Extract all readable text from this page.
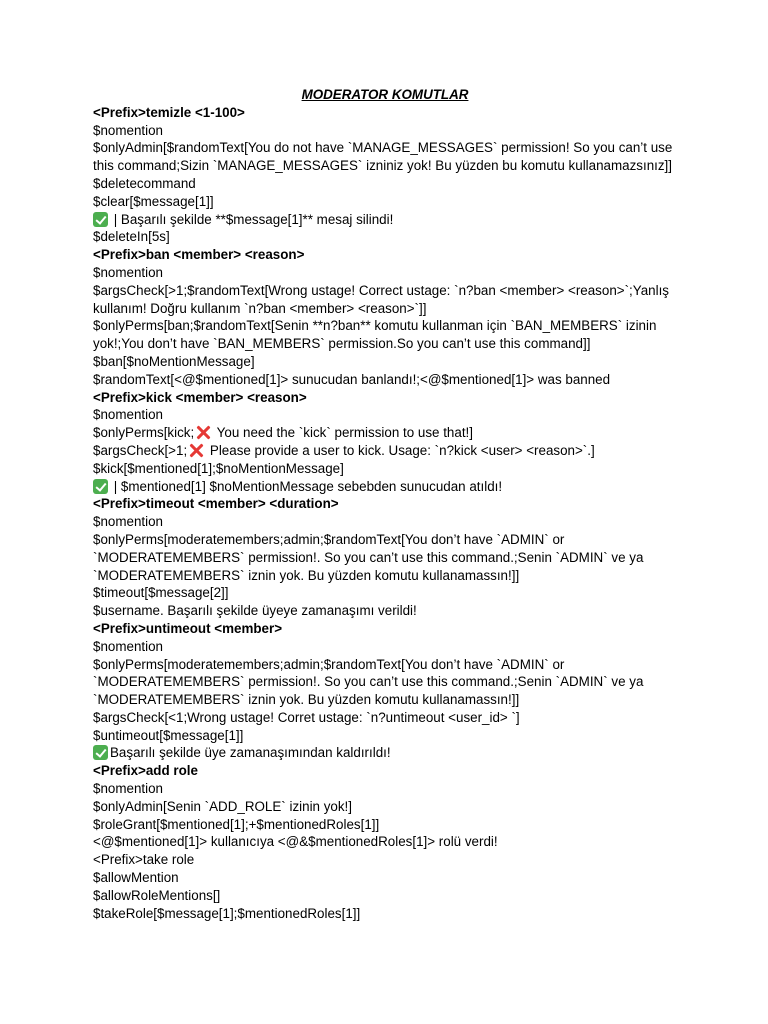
MODERATOR KOMUTLAR
<Prefix>temizle <1-100>
$nomention
$onlyAdmin[$randomText[You do not have `MANAGE_MESSAGES` permission! So you can’t use this command;Sizin `MANAGE_MESSAGES` izniniz yok! Bu yüzden bu komutu kullanamazsınız]]
$deletecommand
$clear[$message[1]]
| Başarılı şekilde **$message[1]** mesaj silindi!
$deleteIn[5s]
<Prefix>ban <member> <reason>
$nomention
$argsCheck[>1;$randomText[Wrong ustage! Correct ustage: `n?ban <member> <reason>`;Yanlış kullanım! Doğru kullanım `n?ban <member> <reason>`]]
$onlyPerms[ban;$randomText[Senin **n?ban** komutu kullanman için `BAN_MEMBERS` izinin yok!;You don’t have `BAN_MEMBERS` permission.So you can’t use this command]]
$ban[$noMentionMessage]
$randomText[<@$mentioned[1]> sunucudan banlandı!;<@$mentioned[1]> was banned
<Prefix>kick <member> <reason>
$nomention
$onlyPerms[kick; You need the `kick` permission to use that!]
$argsCheck[>1; Please provide a user to kick. Usage: `n?kick <user> <reason>`.]
$kick[$mentioned[1];$noMentionMessage]
| $mentioned[1] $noMentionMessage sebebden sunucudan atıldı!
<Prefix>timeout <member> <duration>
$nomention
$onlyPerms[moderatemembers;admin;$randomText[You don’t have `ADMIN` or `MODERATEMEMBERS` permission!. So you can’t use this command.;Senin `ADMIN` ve ya `MODERATEMEMBERS` iznin yok. Bu yüzden komutu kullanamassın!]]
$timeout[$message[2]]
$username. Başarılı şekilde üyeye zamanaşımı verildi!
<Prefix>untimeout <member>
$nomention
$onlyPerms[moderatemembers;admin;$randomText[You don’t have `ADMIN` or `MODERATEMEMBERS` permission!. So you can’t use this command.;Senin `ADMIN` ve ya `MODERATEMEMBERS` iznin yok. Bu yüzden komutu kullanamassın!]]
$argsCheck[<1;Wrong ustage! Corret ustage: `n?untimeout <user_id> `]
$untimeout[$message[1]]
Başarılı şekilde üye zamanaşımından kaldırıldı!
<Prefix>add role
$nomention
$onlyAdmin[Senin `ADD_ROLE` izinin yok!]
$roleGrant[$mentioned[1];+$mentionedRoles[1]]
<@$mentioned[1]> kullanıcıya <@&$mentionedRoles[1]> rolü verdi!
<Prefix>take role
$allowMention
$allowRoleMentions[]
$takeRole[$message[1];$mentionedRoles[1]]
